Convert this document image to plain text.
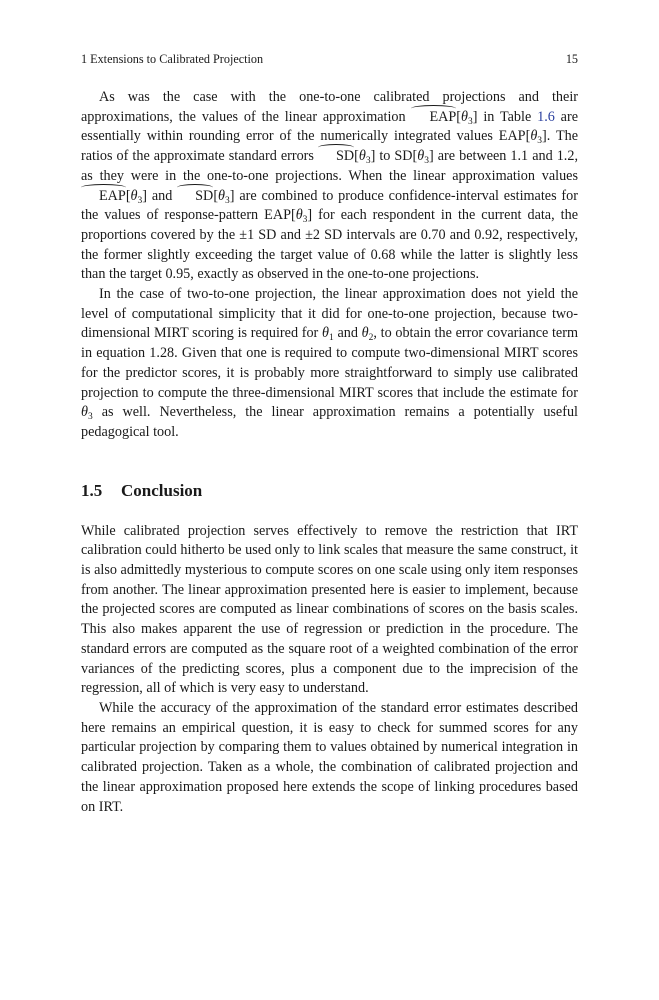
1 Extensions to Calibrated Projection	15

As was the case with the one-to-one calibrated projections and their approximations, the values of the linear approximation $EAP[\theta_3]$ in Table 1.6 are essentially within rounding error of the numerically integrated values $EAP[\theta_3]$. The ratios of the approximate standard errors $SD[\theta_3]$ to $SD[\theta_3]$ are between 1.1 and 1.2, as they were in the one-to-one projections. When the linear approximation values $EAP[\theta_3]$ and $SD[\theta_3]$ are combined to produce confidence-interval estimates for the values of response-pattern $EAP[\theta_3]$ for each respondent in the current data, the proportions covered by the ±1 SD and ±2 SD intervals are 0.70 and 0.92, respectively, the former slightly exceeding the target value of 0.68 while the latter is slightly less than the target 0.95, exactly as observed in the one-to-one projections.

In the case of two-to-one projection, the linear approximation does not yield the level of computational simplicity that it did for one-to-one projection, because two-dimensional MIRT scoring is required for $\theta_1$ and $\theta_2$, to obtain the error covariance term in equation 1.28. Given that one is required to compute two-dimensional MIRT scores for the predictor scores, it is probably more straightforward to simply use calibrated projection to compute the three-dimensional MIRT scores that include the estimate for $\theta_3$ as well. Nevertheless, the linear approximation remains a potentially useful pedagogical tool.

1.5 Conclusion

While calibrated projection serves effectively to remove the restriction that IRT calibration could hitherto be used only to link scales that measure the same construct, it is also admittedly mysterious to compute scores on one scale using only item responses from another. The linear approximation presented here is easier to implement, because the projected scores are computed as linear combinations of scores on the basis scales. This also makes apparent the use of regression or prediction in the procedure. The standard errors are computed as the square root of a weighted combination of the error variances of the predicting scores, plus a component due to the imprecision of the regression, all of which is very easy to understand.

While the accuracy of the approximation of the standard error estimates described here remains an empirical question, it is easy to check for summed scores for any particular projection by comparing them to values obtained by numerical integration in calibrated projection. Taken as a whole, the combination of calibrated projection and the linear approximation proposed here extends the scope of linking procedures based on IRT.
